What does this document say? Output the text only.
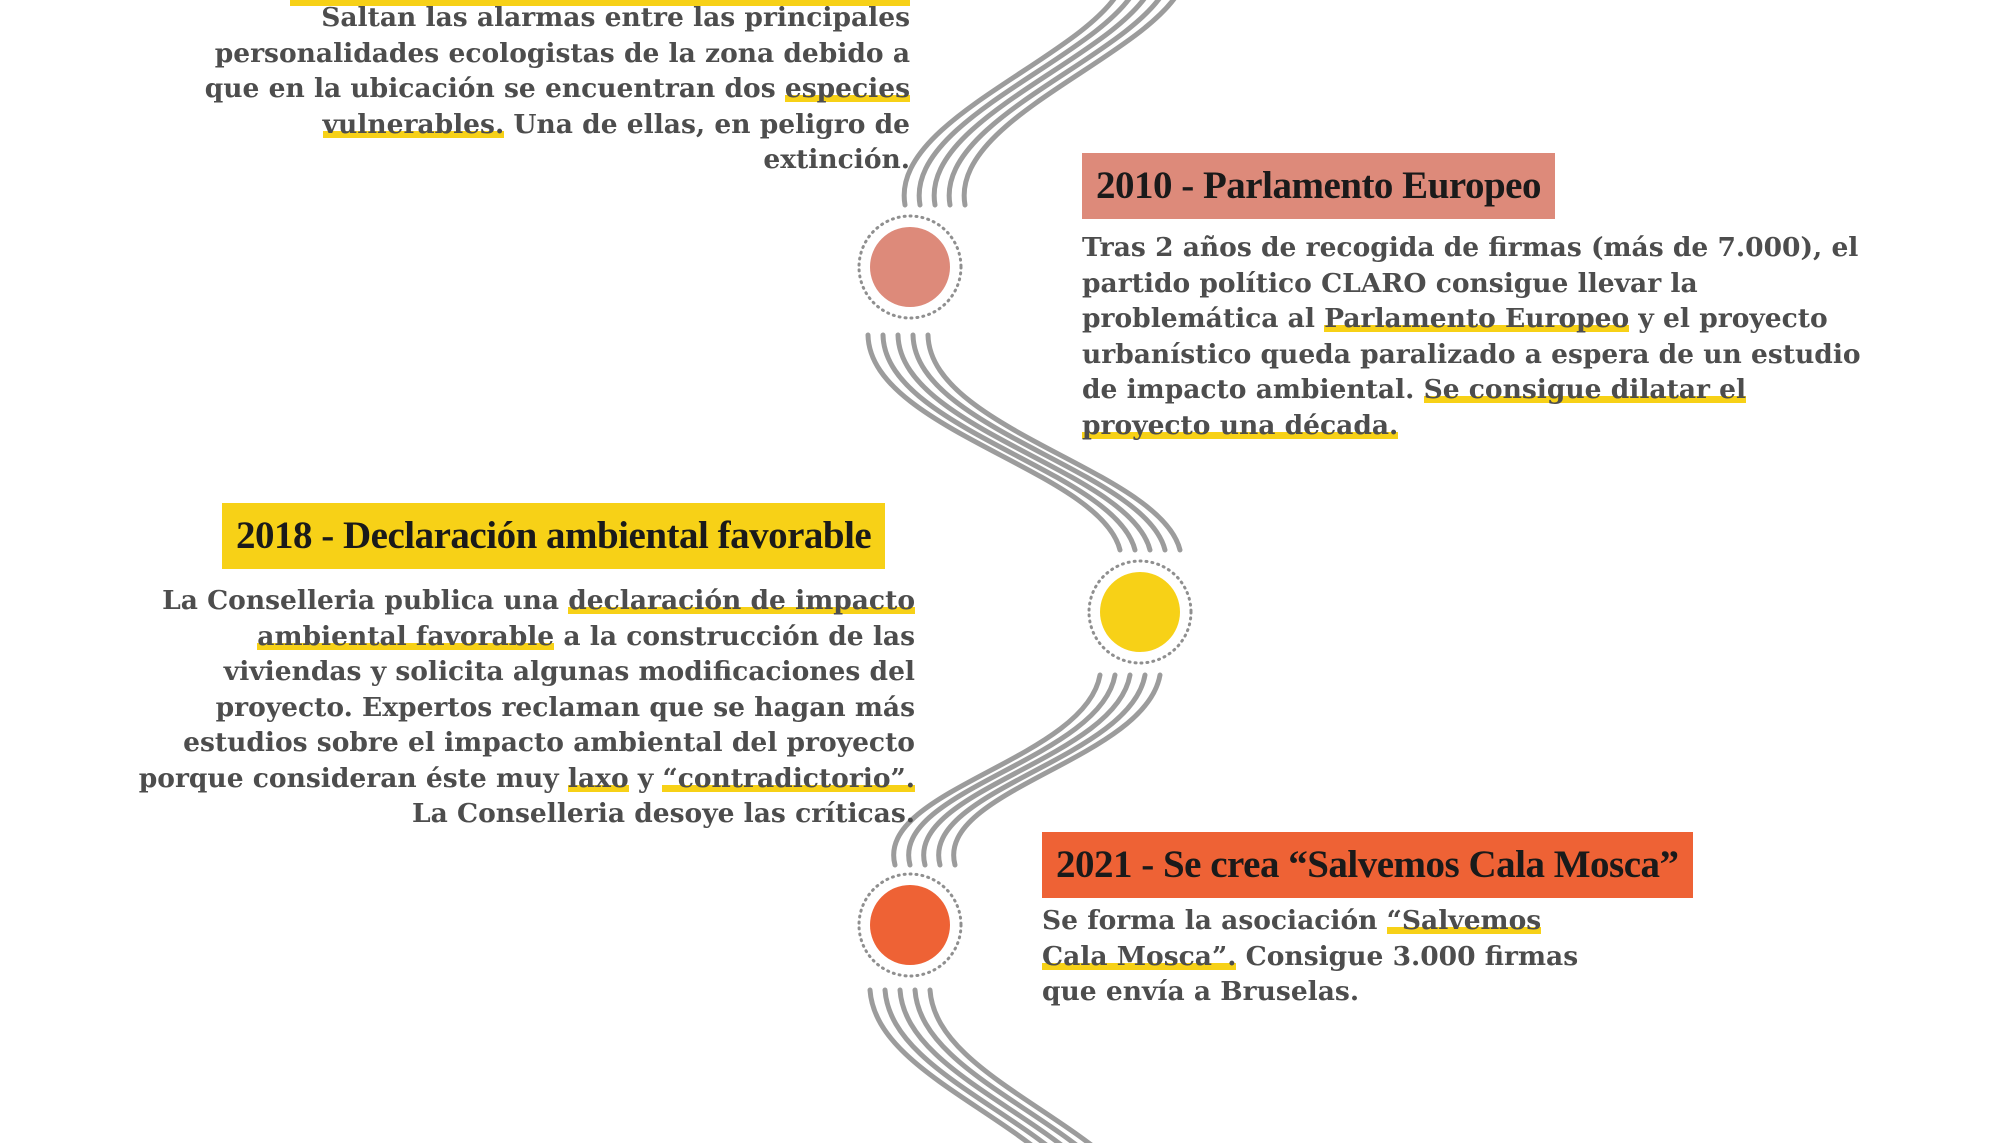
Saltan las alarmas entre las principales personalidades ecologistas de la zona debido a que en la ubicación se encuentran dos especies vulnerables. Una de ellas, en peligro de extinción.
2010 - Parlamento Europeo
Tras 2 años de recogida de firmas (más de 7.000), el partido político CLARO consigue llevar la problemática al Parlamento Europeo y el proyecto urbanístico queda paralizado a espera de un estudio de impacto ambiental. Se consigue dilatar el proyecto una década.
2018 - Declaración ambiental favorable
La Conselleria publica una declaración de impacto ambiental favorable a la construcción de las viviendas y solicita algunas modificaciones del proyecto. Expertos reclaman que se hagan más estudios sobre el impacto ambiental del proyecto porque consideran éste muy laxo y “contradictorio”. La Conselleria desoye las críticas.
2021 - Se crea “Salvemos Cala Mosca”
Se forma la asociación “Salvemos Cala Mosca”. Consigue 3.000 firmas que envía a Bruselas.
